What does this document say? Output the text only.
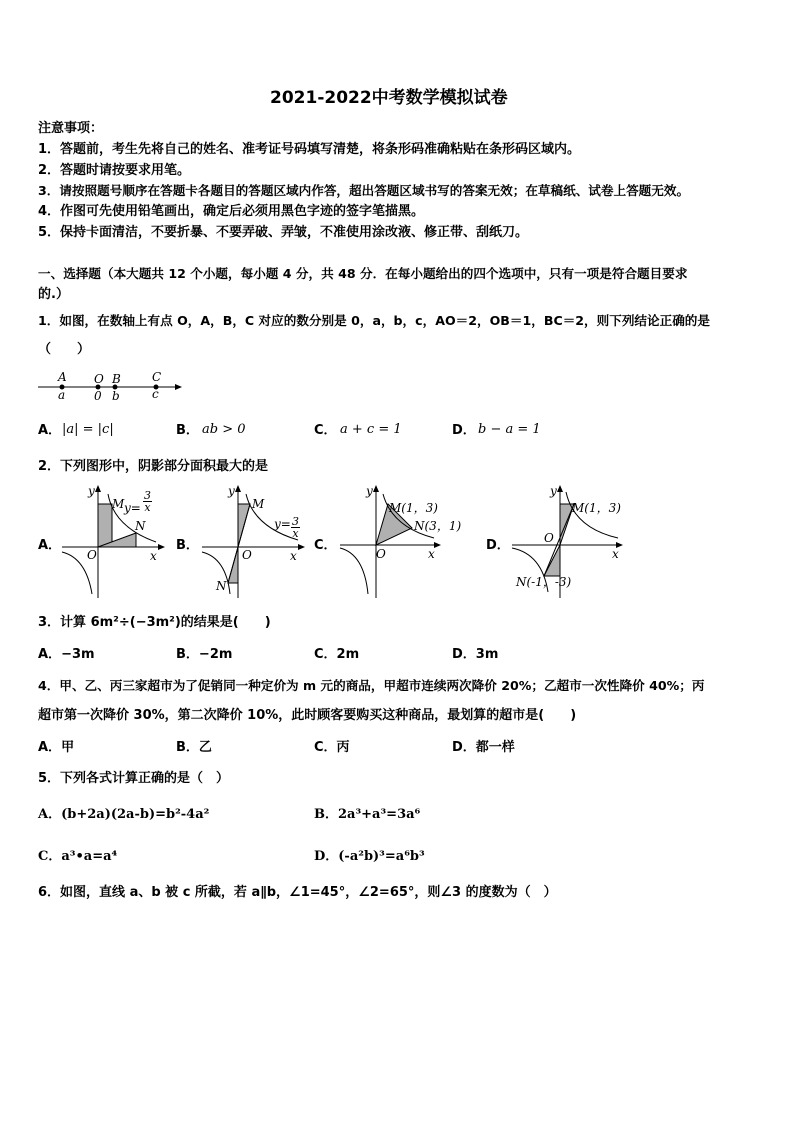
2021-2022中考数学模拟试卷
注意事项：
1．答题前，考生先将自己的姓名、准考证号码填写清楚，将条形码准确粘贴在条形码区域内。
2．答题时请按要求用笔。
3．请按照题号顺序在答题卡各题目的答题区域内作答，超出答题区域书写的答案无效；在草稿纸、试卷上答题无效。
4．作图可先使用铅笔画出，确定后必须用黑色字迹的签字笔描黑。
5．保持卡面清洁，不要折暴、不要弄破、弄皱，不准使用涂改液、修正带、刮纸刀。
一、选择题（本大题共 12 个小题，每小题 4 分，共 48 分．在每小题给出的四个选项中，只有一项是符合题目要求
的.）
1．如图，在数轴上有点 O，A，B，C 对应的数分别是 0，a，b，c，AO＝2，OB＝1，BC＝2，则下列结论正确的是
（　　）
A O B	C
a 0 b	c
A． |a| = |c|	B． ab > 0	C． a + c = 1	D． b − a = 1
2．下列图形中，阴影部分面积最大的是
A．	B．	C．	D．
y
x
O
M
N
$y= \frac{3}{x}$	y
x
O
M
N
$y= \frac{3}{x}$
y
x
O
M(1，3)
N(3，1)
y
x
O
M(1，3)
N(-1，-3)
3．计算 6m²÷(−3m²)的结果是(　　)
A．−3m	B．−2m	C．2m	D．3m
4．甲、乙、丙三家超市为了促销同一种定价为 m 元的商品，甲超市连续两次降价 20%；乙超市一次性降价 40%；丙
超市第一次降价 30%，第二次降价 10%，此时顾客要购买这种商品，最划算的超市是(　　)
A．甲	B．乙	C．丙	D．都一样
5．下列各式计算正确的是（　）
A．(b+2a)(2a-b)=b²-4a²	B．2a³+a³=3a⁶
C．a³•a=a⁴	D．(-a²b)³=a⁶b³
6．如图，直线 a、b 被 c 所截，若 a∥b，∠1=45°，∠2=65°，则∠3 的度数为（　）
